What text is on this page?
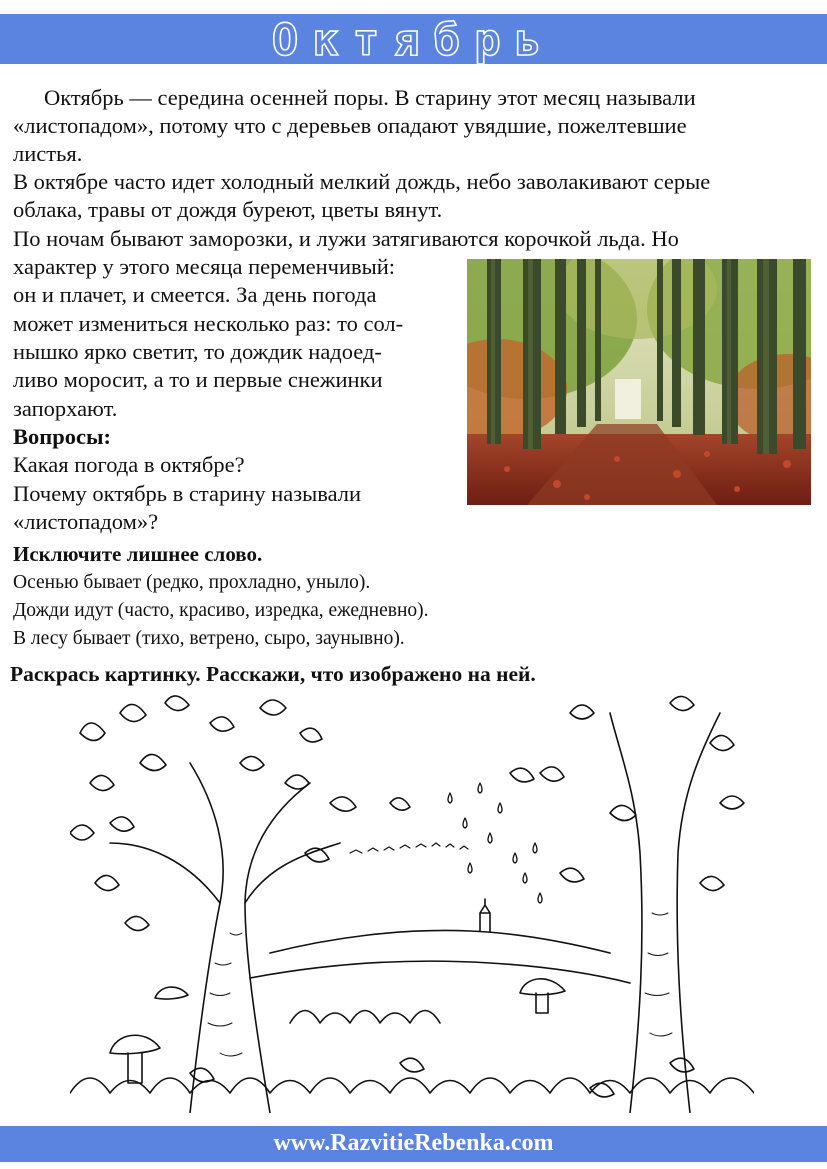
Октябрь
Октябрь — середина осенней поры. В старину этот месяц называли
«листопадом», потому что с деревьев опадают увядшие, пожелтевшие
листья.
В октябре часто идет холодный мелкий дождь, небо заволакивают серые
облака, травы от дождя буреют, цветы вянут.
По ночам бывают заморозки, и лужи затягиваются корочкой льда. Но
характер у этого месяца переменчивый:
он и плачет, и смеется. За день погода
может измениться несколько раз: то сол-
нышко ярко светит, то дождик надоед-
ливо моросит, а то и первые снежинки
запорхают.
Вопросы:
Какая погода в октябре?
Почему октябрь в старину называли
«листопадом»?
Исключите лишнее слово.
Осенью бывает (редко, прохладно, уныло).
Дожди идут (часто, красиво, изредка, ежедневно).
В лесу бывает (тихо, ветрено, сыро, заунывно).
Раскрась картинку. Расскажи, что изображено на ней.
www.RazvitieRebenka.com
